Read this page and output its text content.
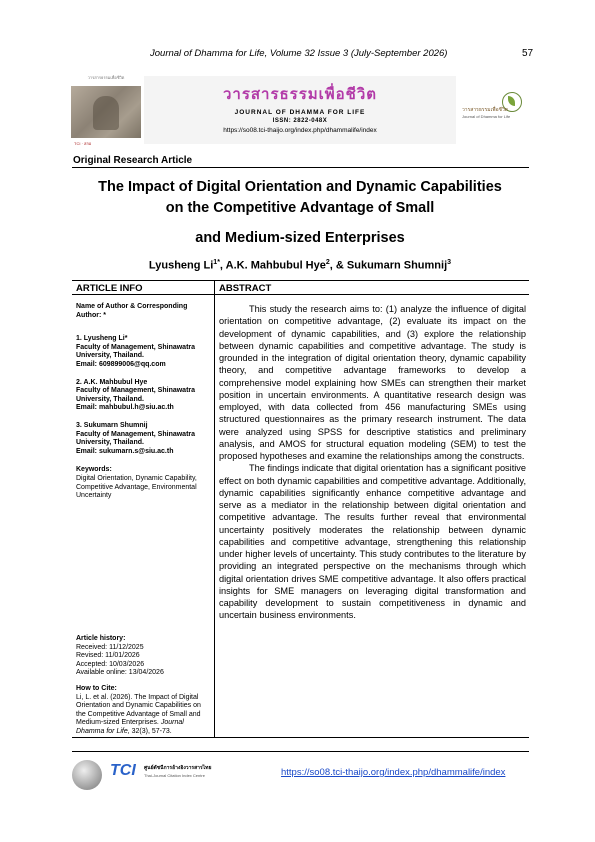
Journal of Dhamma for Life, Volume 32 Issue 3 (July-September 2026)	57
วารสารธรรมเพื่อชีวิต
TCI · สกอ
วารสารธรรมเพื่อชีวิต
JOURNAL OF DHAMMA FOR LIFE
ISSN: 2822-048X
https://so08.tci-thaijo.org/index.php/dhammalife/index
วารสารธรรมเพื่อชีวิต
Journal of Dhamma for Life
Original Research Article
The Impact of Digital Orientation and Dynamic Capabilities
on the Competitive Advantage of Small
and Medium-sized Enterprises
Lyusheng $Li^{1*}$, A.K. Mahbubul Hye$^2$, & Sukumarn Shumnij$^3$
ARTICLE INFO
Name of Author & Corresponding Author: *
1. Lyusheng Li*
Faculty of Management, Shinawatra University, Thailand.
Email: 609899006@qq.com
2. A.K. Mahbubul Hye
Faculty of Management, Shinawatra University, Thailand.
Email: mahbubul.h@siu.ac.th
3. Sukumarn Shumnij
Faculty of Management, Shinawatra University, Thailand.
Email: sukumarn.s@siu.ac.th
Keywords:
Digital Orientation, Dynamic Capability, Competitive Advantage, Environmental Uncertainty
Article history:
Received: 11/12/2025
Revised: 11/01/2026
Accepted: 10/03/2026
Available online: 13/04/2026
How to Cite:
Li, L. et al. (2026). The Impact of Digital Orientation and Dynamic Capabilities on the Competitive Advantage of Small and Medium-sized Enterprises. Journal Dhamma for Life, 32(3), 57-73.
ABSTRACT

This study the research aims to: (1) analyze the influence of digital orientation on competitive advantage, (2) evaluate its impact on the development of dynamic capabilities, and (3) explore the relationship between dynamic capabilities and competitive advantage. The study is grounded in the integration of digital orientation theory, dynamic capability theory, and competitive advantage frameworks to develop a comprehensive model explaining how SMEs can strengthen their market position in uncertain environments. A quantitative research design was employed, with data collected from 456 manufacturing SMEs using structured questionnaires as the primary research instrument. The data were analyzed using SPSS for descriptive statistics and preliminary analysis, and AMOS for structural equation modeling (SEM) to test the proposed hypotheses and examine the relationships among the constructs.

The findings indicate that digital orientation has a significant positive effect on both dynamic capabilities and competitive advantage. Additionally, dynamic capabilities significantly enhance competitive advantage and serve as a mediator in the relationship between digital orientation and competitive advantage. The results further reveal that environmental uncertainty positively moderates the relationship between dynamic capabilities and competitive advantage, strengthening this relationship under higher levels of uncertainty. This study contributes to the literature by providing an integrated perspective on the mechanisms through which digital orientation drives SME competitive advantage. It also offers practical insights for SME managers on leveraging digital transformation and capability development to sustain competitiveness in dynamic and uncertain business environments.

TCI ศูนย์ดัชนีการอ้างอิงวารสารไทย
Thai-Journal Citation Index Centre	https://so08.tci-thaijo.org/index.php/dhammalife/index
